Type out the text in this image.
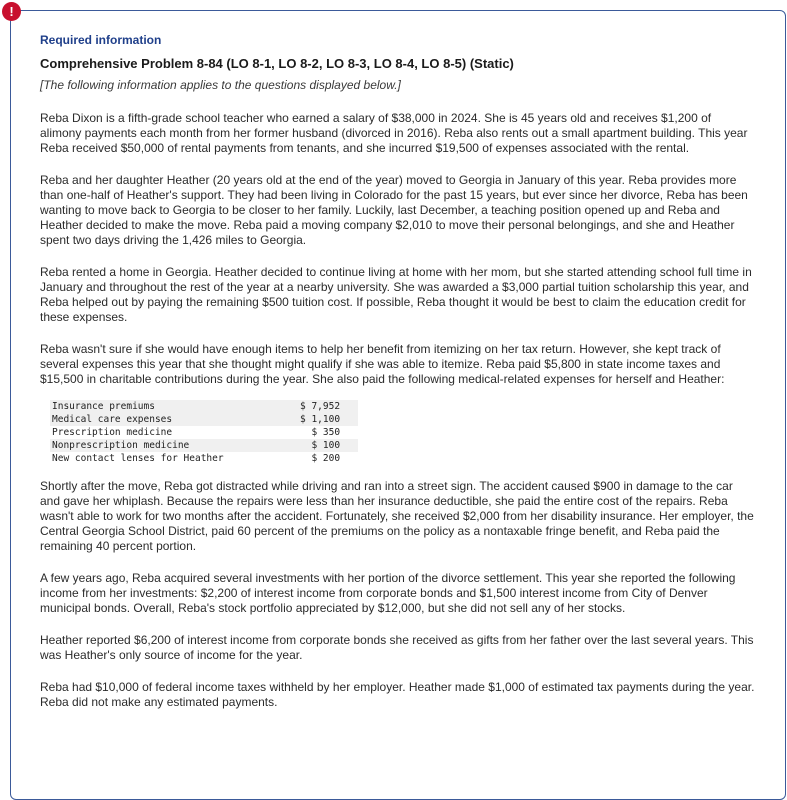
!
Required information
Comprehensive Problem 8-84 (LO 8-1, LO 8-2, LO 8-3, LO 8-4, LO 8-5) (Static)
[The following information applies to the questions displayed below.]

Reba Dixon is a fifth-grade school teacher who earned a salary of $38,000 in 2024. She is 45 years old and receives $1,200 of alimony payments each month from her former husband (divorced in 2016). Reba also rents out a small apartment building. This year Reba received $50,000 of rental payments from tenants, and she incurred $19,500 of expenses associated with the rental.

Reba and her daughter Heather (20 years old at the end of the year) moved to Georgia in January of this year. Reba provides more than one-half of Heather's support. They had been living in Colorado for the past 15 years, but ever since her divorce, Reba has been wanting to move back to Georgia to be closer to her family. Luckily, last December, a teaching position opened up and Reba and Heather decided to make the move. Reba paid a moving company $2,010 to move their personal belongings, and she and Heather spent two days driving the 1,426 miles to Georgia.

Reba rented a home in Georgia. Heather decided to continue living at home with her mom, but she started attending school full time in January and throughout the rest of the year at a nearby university. She was awarded a $3,000 partial tuition scholarship this year, and Reba helped out by paying the remaining $500 tuition cost. If possible, Reba thought it would be best to claim the education credit for these expenses.

Reba wasn't sure if she would have enough items to help her benefit from itemizing on her tax return. However, she kept track of several expenses this year that she thought might qualify if she was able to itemize. Reba paid $5,800 in state income taxes and $15,500 in charitable contributions during the year. She also paid the following medical-related expenses for herself and Heather:

Insurance premiums	$ 7,952
Medical care expenses	$ 1,100
Prescription medicine	$ 350
Nonprescription medicine	$ 100
New contact lenses for Heather	$ 200

Shortly after the move, Reba got distracted while driving and ran into a street sign. The accident caused $900 in damage to the car and gave her whiplash. Because the repairs were less than her insurance deductible, she paid the entire cost of the repairs. Reba wasn't able to work for two months after the accident. Fortunately, she received $2,000 from her disability insurance. Her employer, the Central Georgia School District, paid 60 percent of the premiums on the policy as a nontaxable fringe benefit, and Reba paid the remaining 40 percent portion.

A few years ago, Reba acquired several investments with her portion of the divorce settlement. This year she reported the following income from her investments: $2,200 of interest income from corporate bonds and $1,500 interest income from City of Denver municipal bonds. Overall, Reba's stock portfolio appreciated by $12,000, but she did not sell any of her stocks.

Heather reported $6,200 of interest income from corporate bonds she received as gifts from her father over the last several years. This was Heather's only source of income for the year.

Reba had $10,000 of federal income taxes withheld by her employer. Heather made $1,000 of estimated tax payments during the year. Reba did not make any estimated payments.
